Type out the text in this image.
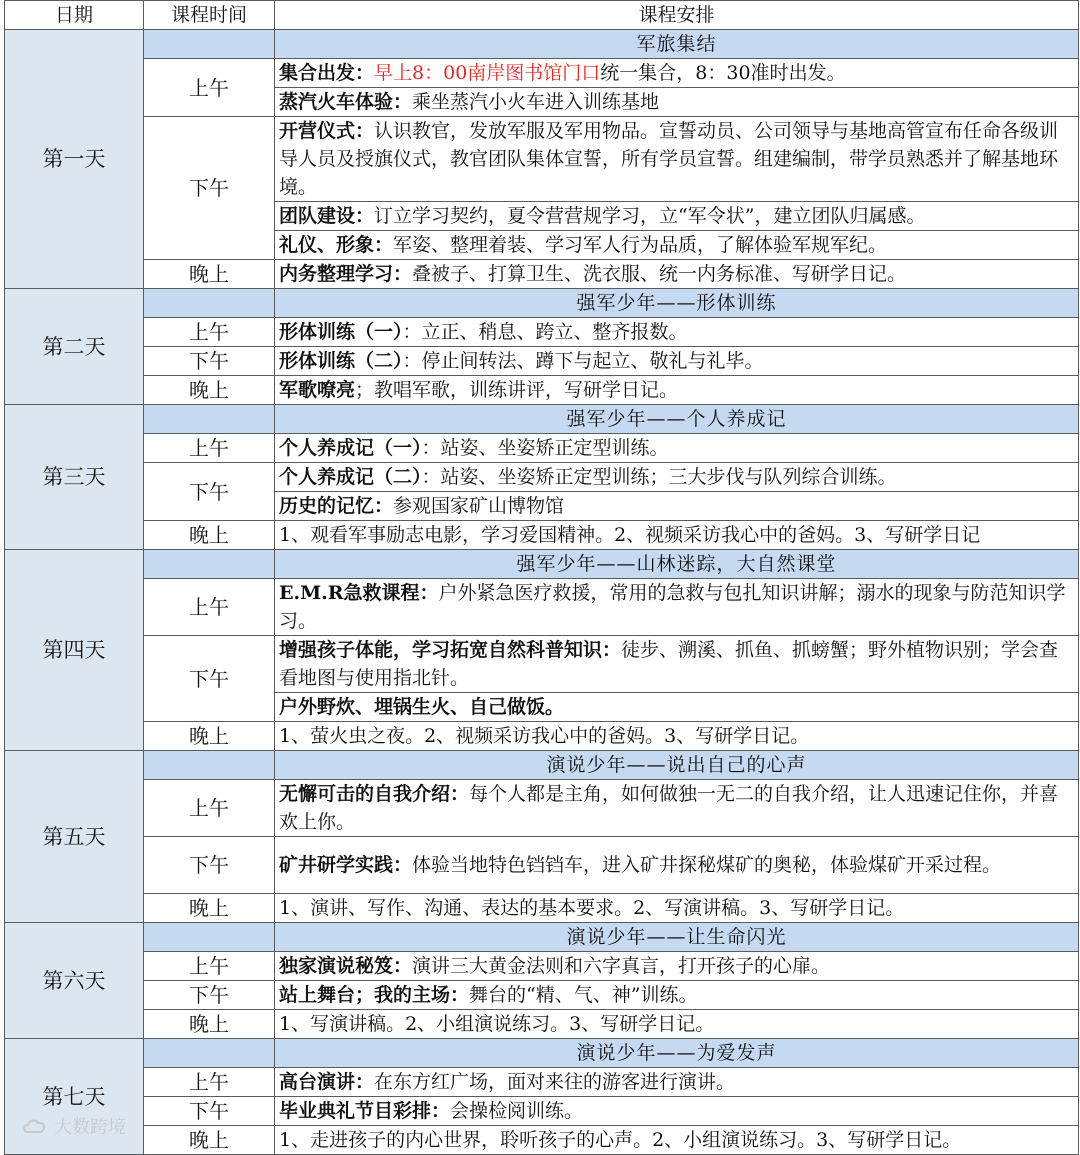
日期	课程时间	课程安排
第一天		军旅集结
	上午	集合出发：早上8：00南岸图书馆门口统一集合，8：30准时出发。
		蒸汽火车体验：乘坐蒸汽小火车进入训练基地
	下午	开营仪式：认识教官，发放军服及军用物品。宣誓动员、公司领导与基地高管宣布任命各级训导人员及授旗仪式，教官团队集体宣誓，所有学员宣誓。组建编制，带学员熟悉并了解基地环境。
		团队建设：订立学习契约，夏令营营规学习，立“军令状”，建立团队归属感。
		礼仪、形象：军姿、整理着装、学习军人行为品质，了解体验军规军纪。
	晚上	内务整理学习：叠被子、打算卫生、洗衣服、统一内务标准、写研学日记。
第二天		强军少年——形体训练
	上午	形体训练（一）：立正、稍息、跨立、整齐报数。
	下午	形体训练（二）：停止间转法、蹲下与起立、敬礼与礼毕。
	晚上	军歌嘹亮；教唱军歌，训练讲评，写研学日记。
第三天		强军少年——个人养成记
	上午	个人养成记（一）：站姿、坐姿矫正定型训练。
	下午	个人养成记（二）：站姿、坐姿矫正定型训练；三大步伐与队列综合训练。
		历史的记忆：参观国家矿山博物馆
	晚上	1、观看军事励志电影，学习爱国精神。2、视频采访我心中的爸妈。3、写研学日记
第四天		强军少年——山林迷踪，大自然课堂
	上午	E.M.R急救课程：户外紧急医疗救援，常用的急救与包扎知识讲解；溺水的现象与防范知识学习。
	下午	增强孩子体能，学习拓宽自然科普知识：徒步、溯溪、抓鱼、抓螃蟹；野外植物识别；学会查看地图与使用指北针。
		户外野炊、埋锅生火、自己做饭。
	晚上	1、萤火虫之夜。2、视频采访我心中的爸妈。3、写研学日记。
第五天		演说少年——说出自己的心声
	上午	无懈可击的自我介绍：每个人都是主角，如何做独一无二的自我介绍，让人迅速记住你，并喜欢上你。
	下午	矿井研学实践：体验当地特色铛铛车，进入矿井探秘煤矿的奥秘，体验煤矿开采过程。
	晚上	1、演讲、写作、沟通、表达的基本要求。2、写演讲稿。3、写研学日记。
第六天		演说少年——让生命闪光
	上午	独家演说秘笈：演讲三大黄金法则和六字真言，打开孩子的心扉。
	下午	站上舞台；我的主场：舞台的“精、气、神”训练。
	晚上	1、写演讲稿。2、小组演说练习。3、写研学日记。
第七天		演说少年——为爱发声
	上午	高台演讲：在东方红广场，面对来往的游客进行演讲。
	下午	毕业典礼节目彩排：会操检阅训练。
	晚上	1、走进孩子的内心世界，聆听孩子的心声。2、小组演说练习。3、写研学日记。
大数跨境
